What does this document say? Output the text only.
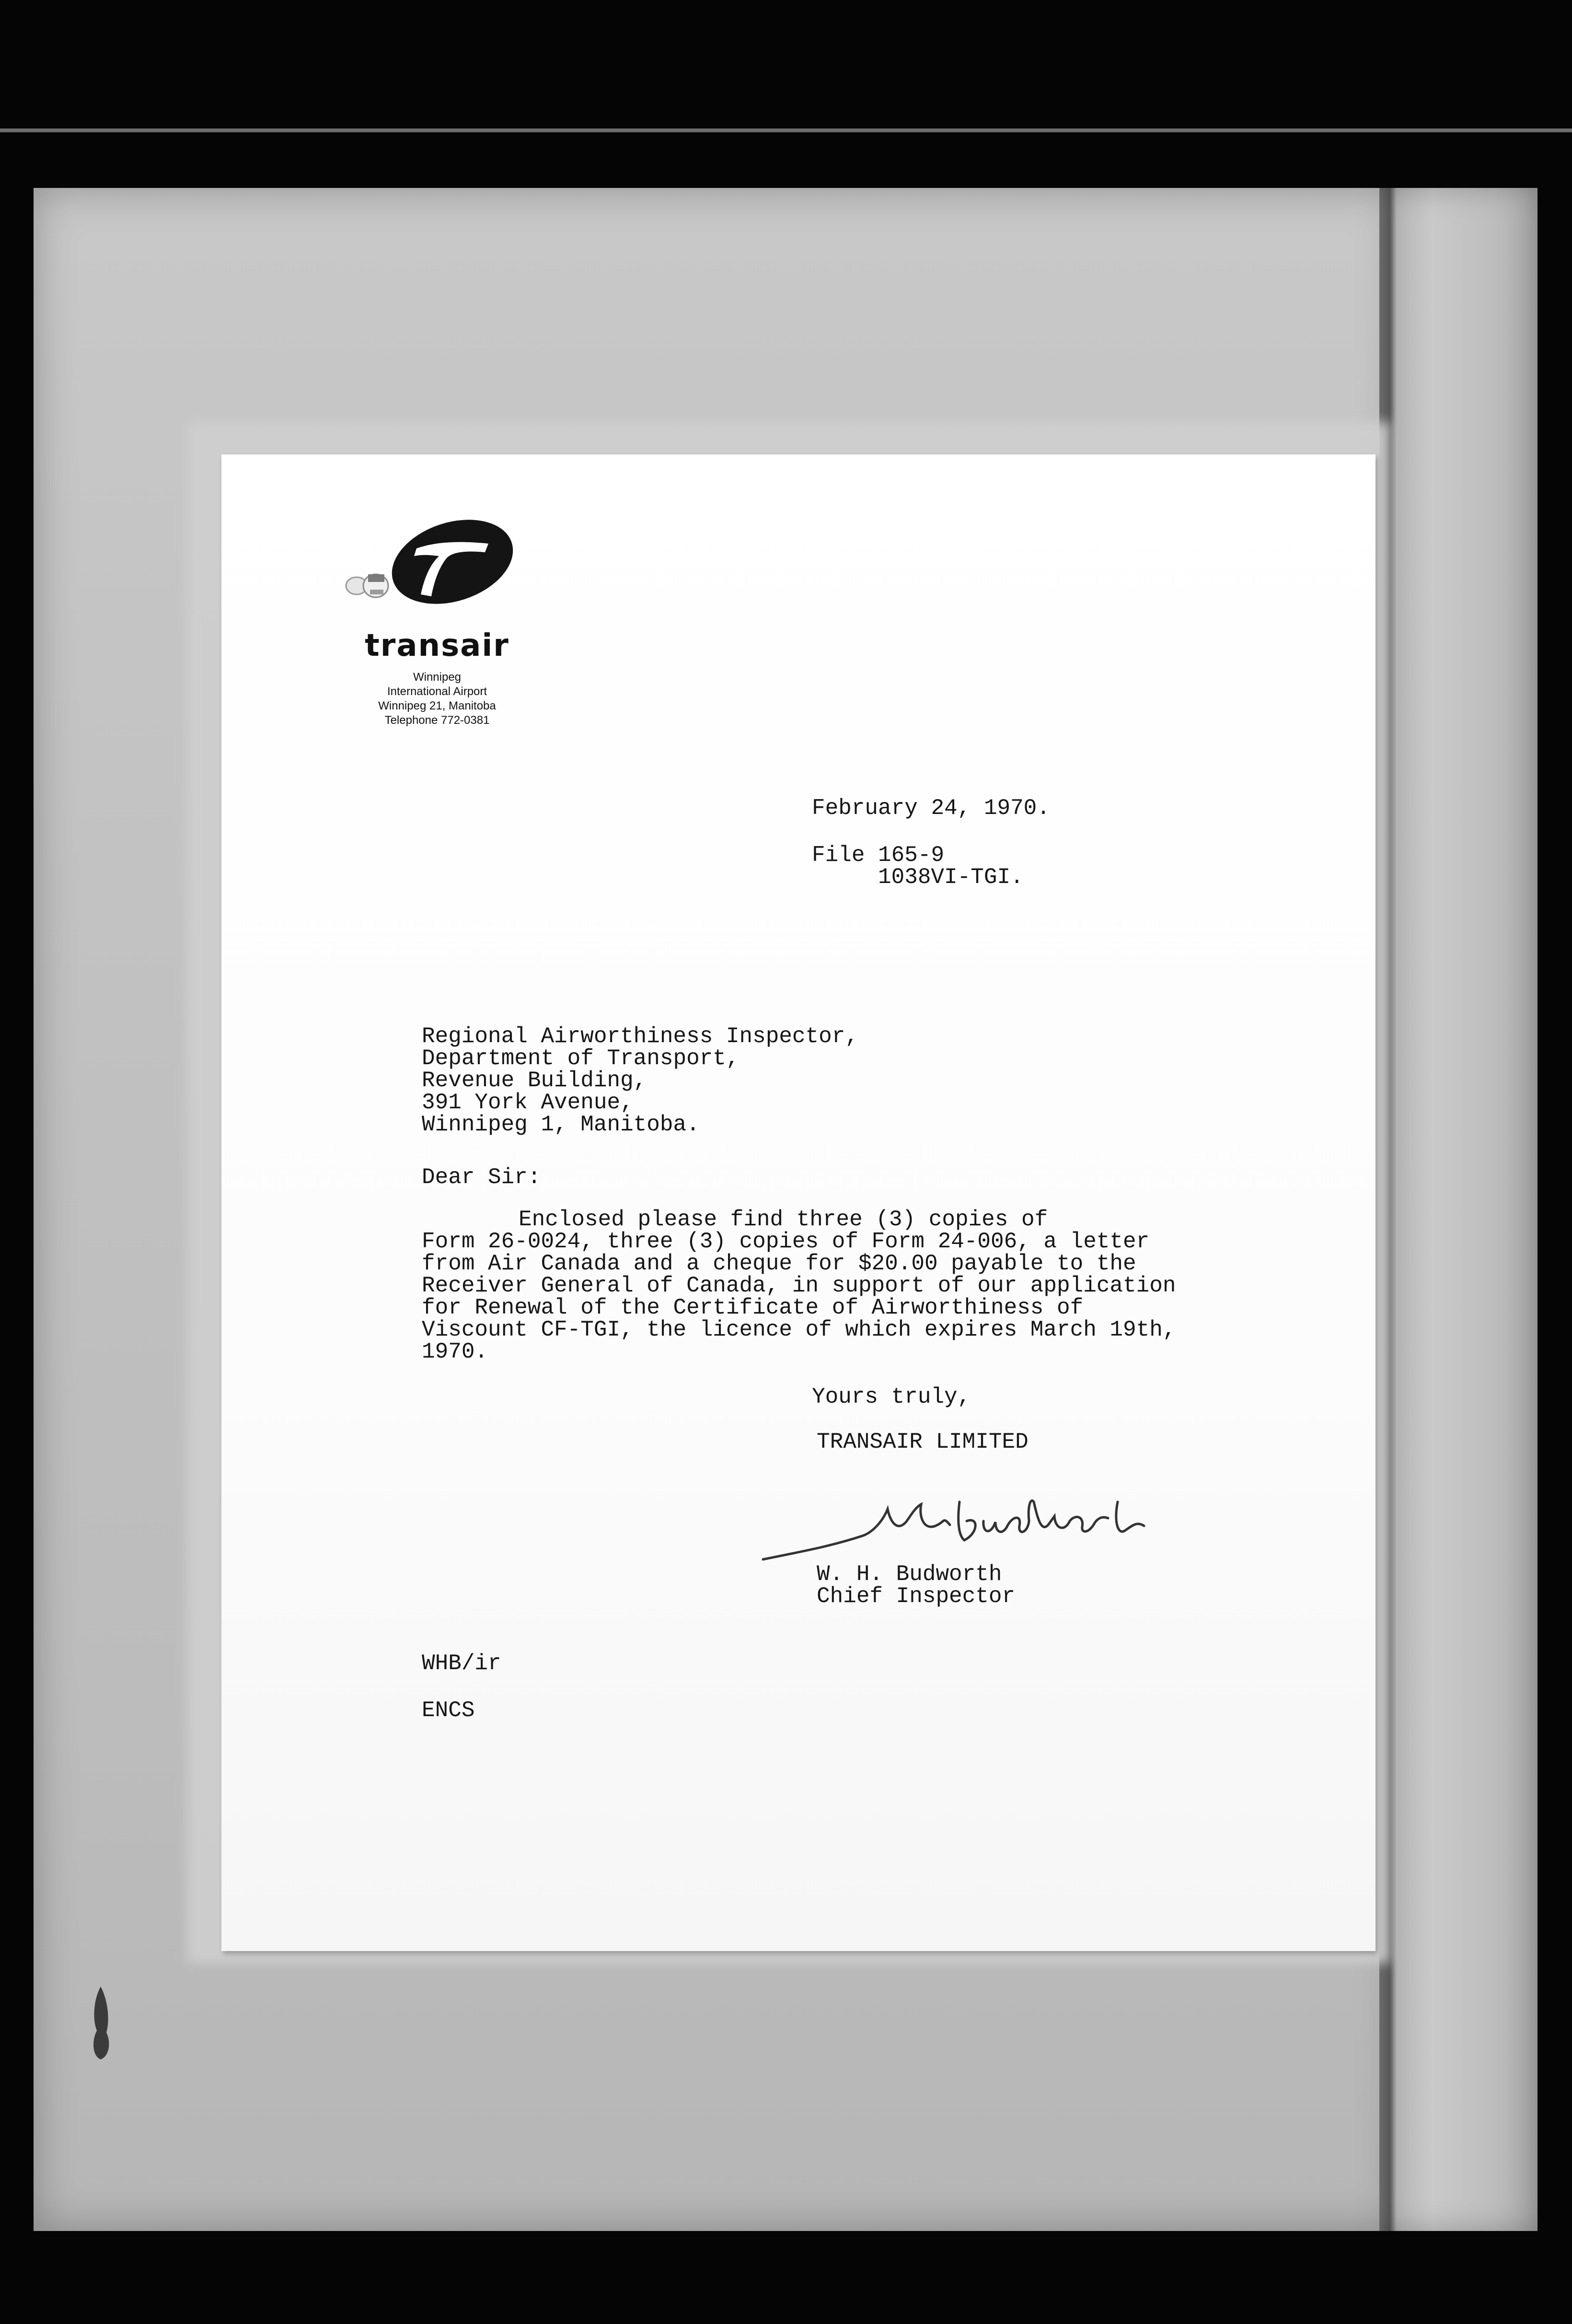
transair
Winnipeg
International Airport
Winnipeg 21, Manitoba
Telephone 772-0381
February 24, 1970.
File 165-9
1038VI-TGI.
Regional Airworthiness Inspector,
Department of Transport,
Revenue Building,
391 York Avenue,
Winnipeg 1, Manitoba.
Dear Sir:
Enclosed please find three (3) copies of
Form 26-0024, three (3) copies of Form 24-006, a letter
from Air Canada and a cheque for $20.00 payable to the
Receiver General of Canada, in support of our application
for Renewal of the Certificate of Airworthiness of
Viscount CF-TGI, the licence of which expires March 19th,
1970.
Yours truly,
TRANSAIR LIMITED
W.H.Budworth W. H. Budworth
Chief Inspector
WHB/ir
ENCS
